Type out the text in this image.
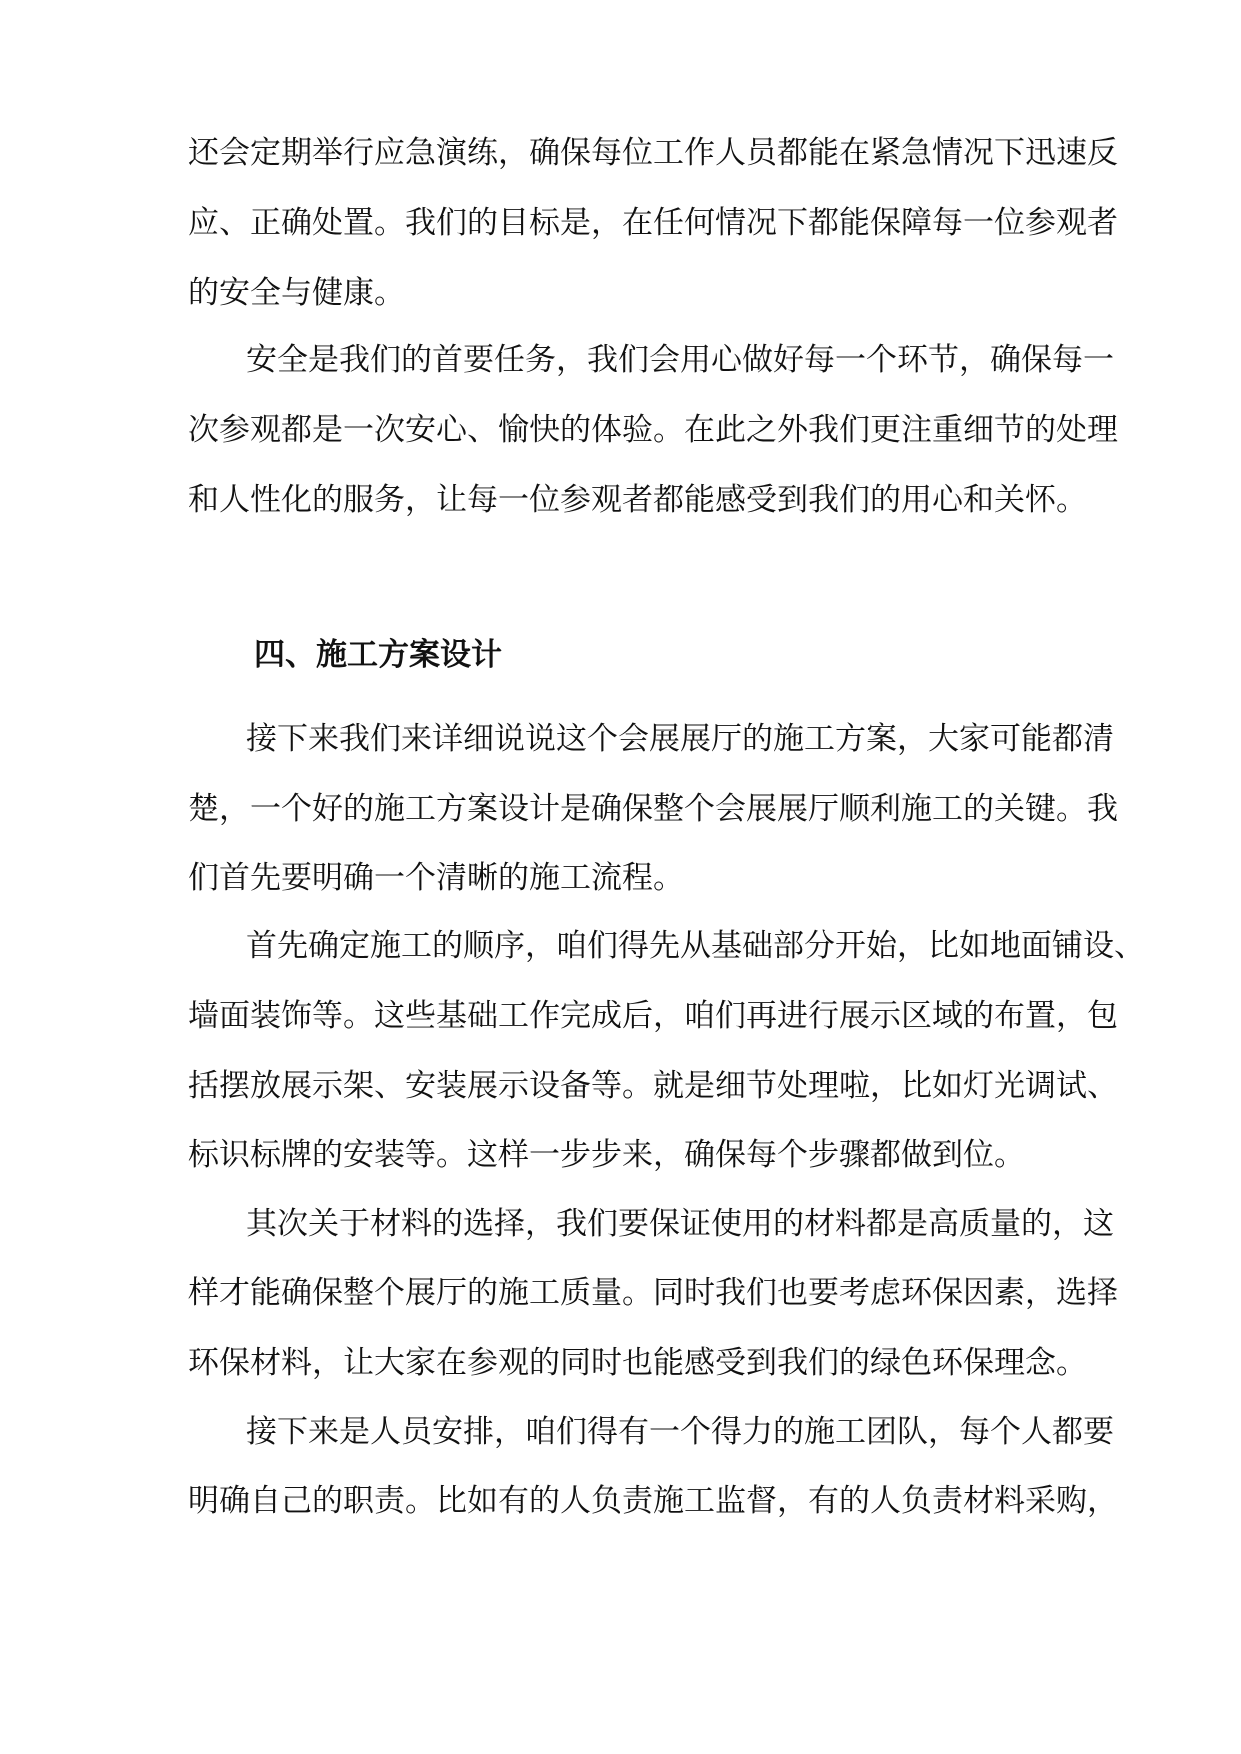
还会定期举行应急演练，确保每位工作人员都能在紧急情况下迅速反
应、正确处置。我们的目标是，在任何情况下都能保障每一位参观者
的安全与健康。
安全是我们的首要任务，我们会用心做好每一个环节，确保每一
次参观都是一次安心、愉快的体验。在此之外我们更注重细节的处理
和人性化的服务，让每一位参观者都能感受到我们的用心和关怀。
四、施工方案设计
接下来我们来详细说说这个会展展厅的施工方案，大家可能都清
楚，一个好的施工方案设计是确保整个会展展厅顺利施工的关键。我
们首先要明确一个清晰的施工流程。
首先确定施工的顺序，咱们得先从基础部分开始，比如地面铺设、
墙面装饰等。这些基础工作完成后，咱们再进行展示区域的布置，包
括摆放展示架、安装展示设备等。就是细节处理啦，比如灯光调试、
标识标牌的安装等。这样一步步来，确保每个步骤都做到位。
其次关于材料的选择，我们要保证使用的材料都是高质量的，这
样才能确保整个展厅的施工质量。同时我们也要考虑环保因素，选择
环保材料，让大家在参观的同时也能感受到我们的绿色环保理念。
接下来是人员安排，咱们得有一个得力的施工团队，每个人都要
明确自己的职责。比如有的人负责施工监督，有的人负责材料采购，
